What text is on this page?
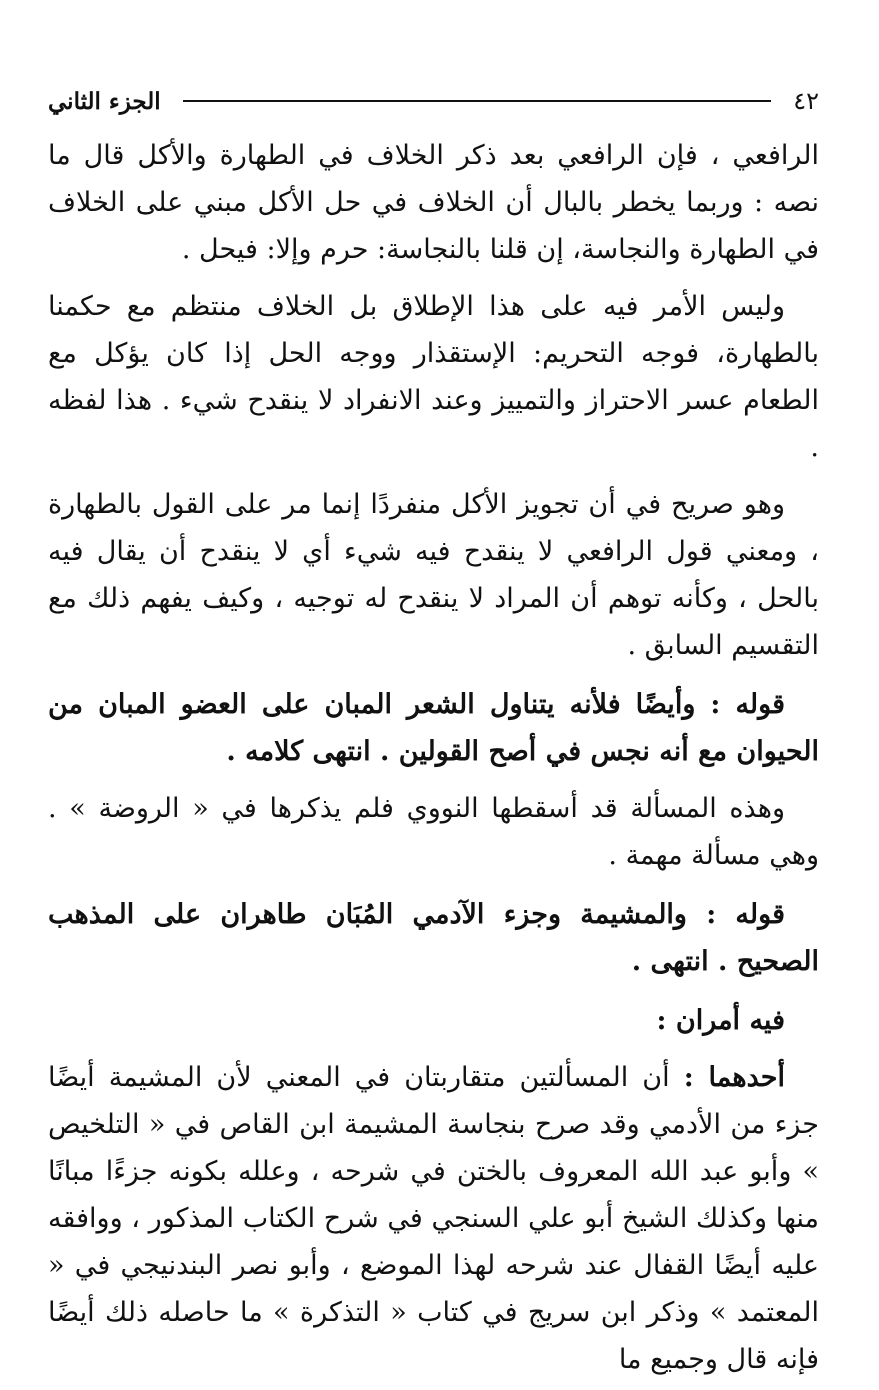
٤٢
الجزء الثاني

الرافعي ، فإن الرافعي بعد ذكر الخلاف في الطهارة والأكل قال ما نصه : وربما يخطر بالبال أن الخلاف في حل الأكل مبني على الخلاف في الطهارة والنجاسة، إن قلنا بالنجاسة: حرم وإلا: فيحل .

وليس الأمر فيه على هذا الإطلاق بل الخلاف منتظم مع حكمنا بالطهارة، فوجه التحريم: الإستقذار ووجه الحل إذا كان يؤكل مع الطعام عسر الاحتراز والتمييز وعند الانفراد لا ينقدح شيء . هذا لفظه .

وهو صريح في أن تجويز الأكل منفردًا إنما مر على القول بالطهارة ، ومعني قول الرافعي لا ينقدح فيه شيء أي لا ينقدح أن يقال فيه بالحل ، وكأنه توهم أن المراد لا ينقدح له توجيه ، وكيف يفهم ذلك مع التقسيم السابق .

قوله : وأيضًا فلأنه يتناول الشعر المبان على العضو المبان من الحيوان مع أنه نجس في أصح القولين . انتهى كلامه .

وهذه المسألة قد أسقطها النووي فلم يذكرها في « الروضة » . وهي مسألة مهمة .

قوله : والمشيمة وجزء الآدمي المُبَان طاهران على المذهب الصحيح . انتهى .

فيه أمران :

أحدهما : أن المسألتين متقاربتان في المعني لأن المشيمة أيضًا جزء من الأدمي وقد صرح بنجاسة المشيمة ابن القاص في « التلخيص » وأبو عبد الله المعروف بالختن في شرحه ، وعلله بكونه جزءًا مبانًا منها وكذلك الشيخ أبو علي السنجي في شرح الكتاب المذكور ، ووافقه عليه أيضًا القفال عند شرحه لهذا الموضع ، وأبو نصر البندنيجي في « المعتمد » وذكر ابن سريج في كتاب « التذكرة » ما حاصله ذلك أيضًا فإنه قال وجميع ما
